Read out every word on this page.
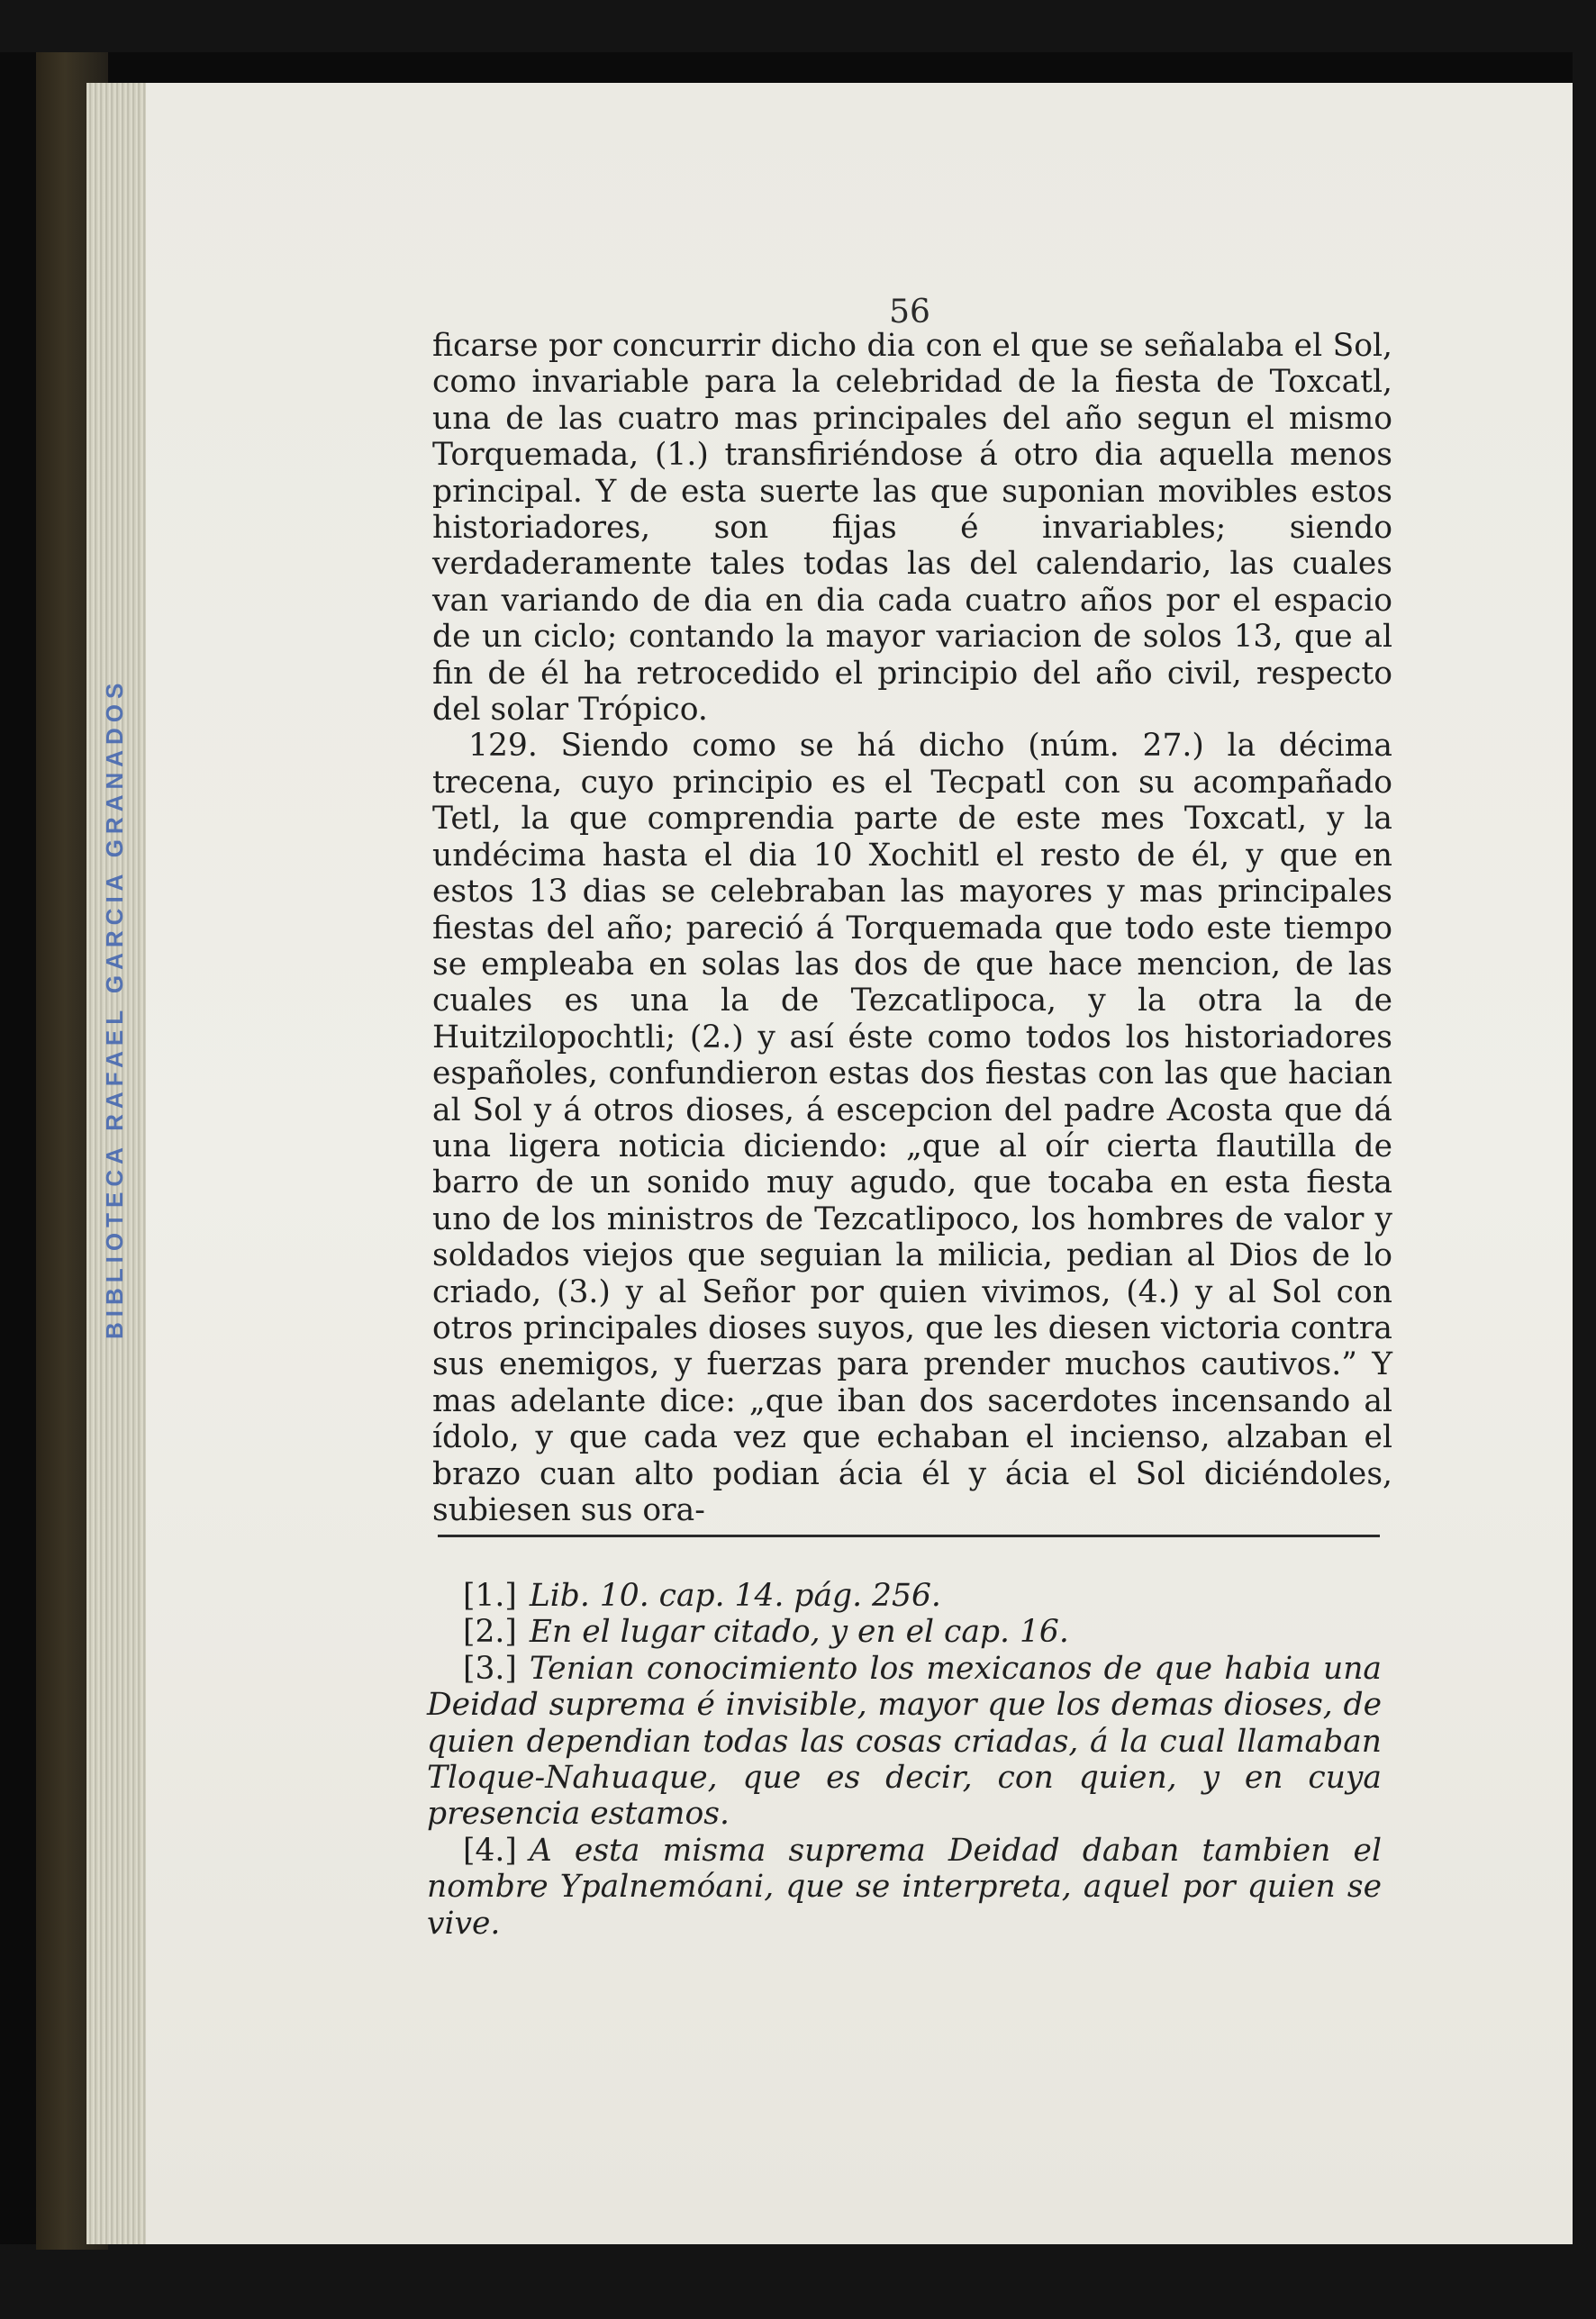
BIBLIOTECA RAFAEL GARCIA GRANADOS
56

ficarse por concurrir dicho dia con el que se señalaba el Sol, como invariable para la celebridad de la fiesta de Toxcatl, una de las cuatro mas principales del año segun el mismo Torquemada, (1.) transfiriéndose á otro dia aquella menos principal. Y de esta suerte las que suponian movibles estos historiadores, son fijas é invariables; siendo verdaderamente tales todas las del calendario, las cuales van variando de dia en dia cada cuatro años por el espacio de un ciclo; contando la mayor variacion de solos 13, que al fin de él ha retrocedido el principio del año civil, respecto del solar Trópico.

129. Siendo como se há dicho (núm. 27.) la décima trecena, cuyo principio es el Tecpatl con su acompañado Tetl, la que comprendia parte de este mes Toxcatl, y la undécima hasta el dia 10 Xochitl el resto de él, y que en estos 13 dias se celebraban las mayores y mas principales fiestas del año; pareció á Torquemada que todo este tiempo se empleaba en solas las dos de que hace mencion, de las cuales es una la de Tezcatlipoca, y la otra la de Huitzilopochtli; (2.) y así éste como todos los historiadores españoles, confundieron estas dos fiestas con las que hacian al Sol y á otros dioses, á escepcion del padre Acosta que dá una ligera noticia diciendo: „que al oír cierta flautilla de barro de un sonido muy agudo, que tocaba en esta fiesta uno de los ministros de Tezcatlipoco, los hombres de valor y soldados viejos que seguian la milicia, pedian al Dios de lo criado, (3.) y al Señor por quien vivimos, (4.) y al Sol con otros principales dioses suyos, que les diesen victoria contra sus enemigos, y fuerzas para prender muchos cautivos.” Y mas adelante dice: „que iban dos sacerdotes incensando al ídolo, y que cada vez que echaban el incienso, alzaban el brazo cuan alto podian ácia él y ácia el Sol diciéndoles, subiesen sus ora-

[1.] Lib. 10. cap. 14. pág. 256.

[2.] En el lugar citado, y en el cap. 16.

[3.] Tenian conocimiento los mexicanos de que habia una Deidad suprema é invisible, mayor que los demas dioses, de quien dependian todas las cosas criadas, á la cual llamaban Tloque-Nahuaque, que es decir, con quien, y en cuya presencia estamos.

[4.] A esta misma suprema Deidad daban tambien el nombre Ypalnemóani, que se interpreta, aquel por quien se vive.
